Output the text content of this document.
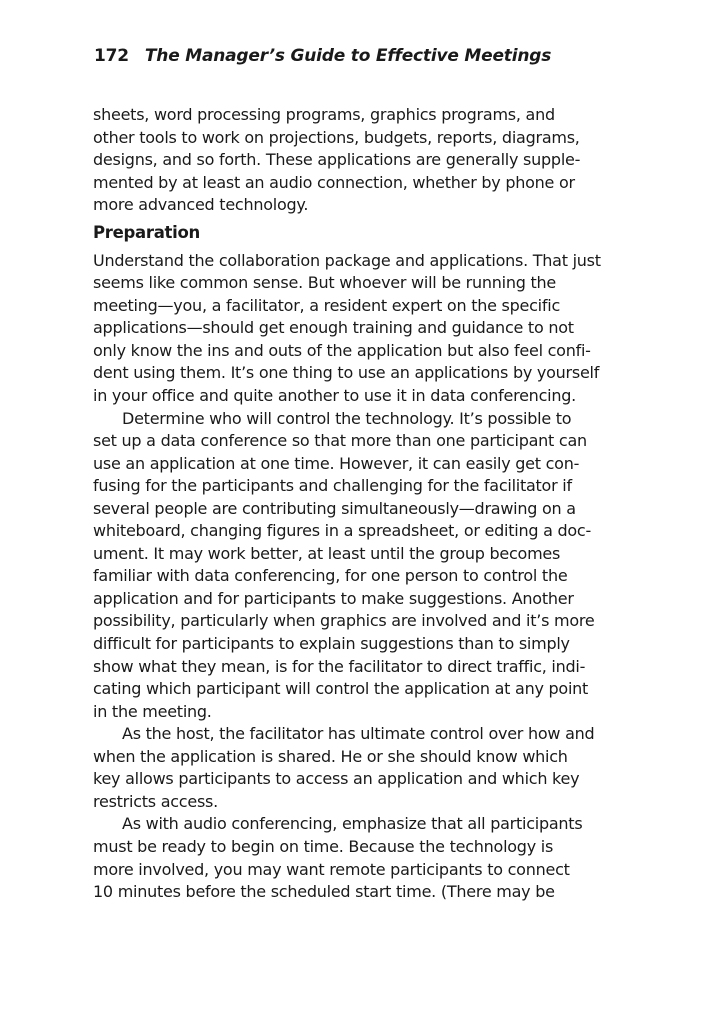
172 The Manager’s Guide to Effective Meetings
sheets, word processing programs, graphics programs, and
other tools to work on projections, budgets, reports, diagrams,
designs, and so forth. These applications are generally supple-
mented by at least an audio connection, whether by phone or
more advanced technology.
Preparation
Understand the collaboration package and applications. That just
seems like common sense. But whoever will be running the
meeting—you, a facilitator, a resident expert on the specific
applications—should get enough training and guidance to not
only know the ins and outs of the application but also feel confi-
dent using them. It’s one thing to use an applications by yourself
in your office and quite another to use it in data conferencing.
Determine who will control the technology. It’s possible to
set up a data conference so that more than one participant can
use an application at one time. However, it can easily get con-
fusing for the participants and challenging for the facilitator if
several people are contributing simultaneously—drawing on a
whiteboard, changing figures in a spreadsheet, or editing a doc-
ument. It may work better, at least until the group becomes
familiar with data conferencing, for one person to control the
application and for participants to make suggestions. Another
possibility, particularly when graphics are involved and it’s more
difficult for participants to explain suggestions than to simply
show what they mean, is for the facilitator to direct traffic, indi-
cating which participant will control the application at any point
in the meeting.
As the host, the facilitator has ultimate control over how and
when the application is shared. He or she should know which
key allows participants to access an application and which key
restricts access.
As with audio conferencing, emphasize that all participants
must be ready to begin on time. Because the technology is
more involved, you may want remote participants to connect
10 minutes before the scheduled start time. (There may be
